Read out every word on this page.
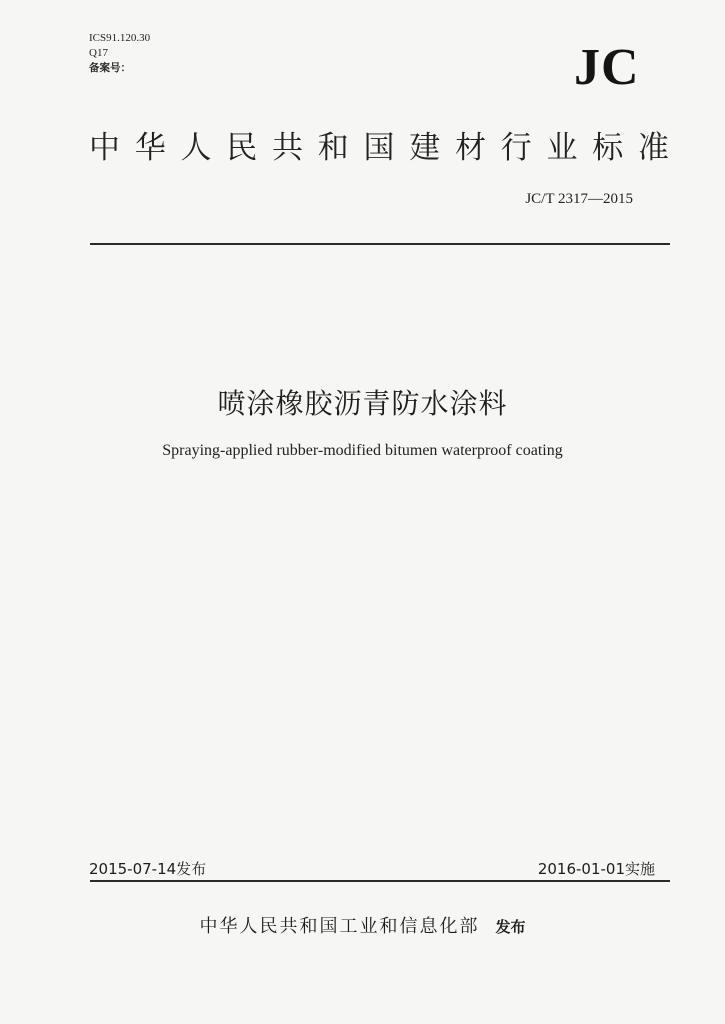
ICS91.120.30
Q17
备案号：	JC
中 华 人 民 共 和 国 建 材 行 业 标 准
JC/T 2317—2015
喷涂橡胶沥青防水涂料
Spraying-applied rubber-modified bitumen waterproof coating
2015-07-14发布	2016-01-01实施
中华人民共和国工业和信息化部 发布
